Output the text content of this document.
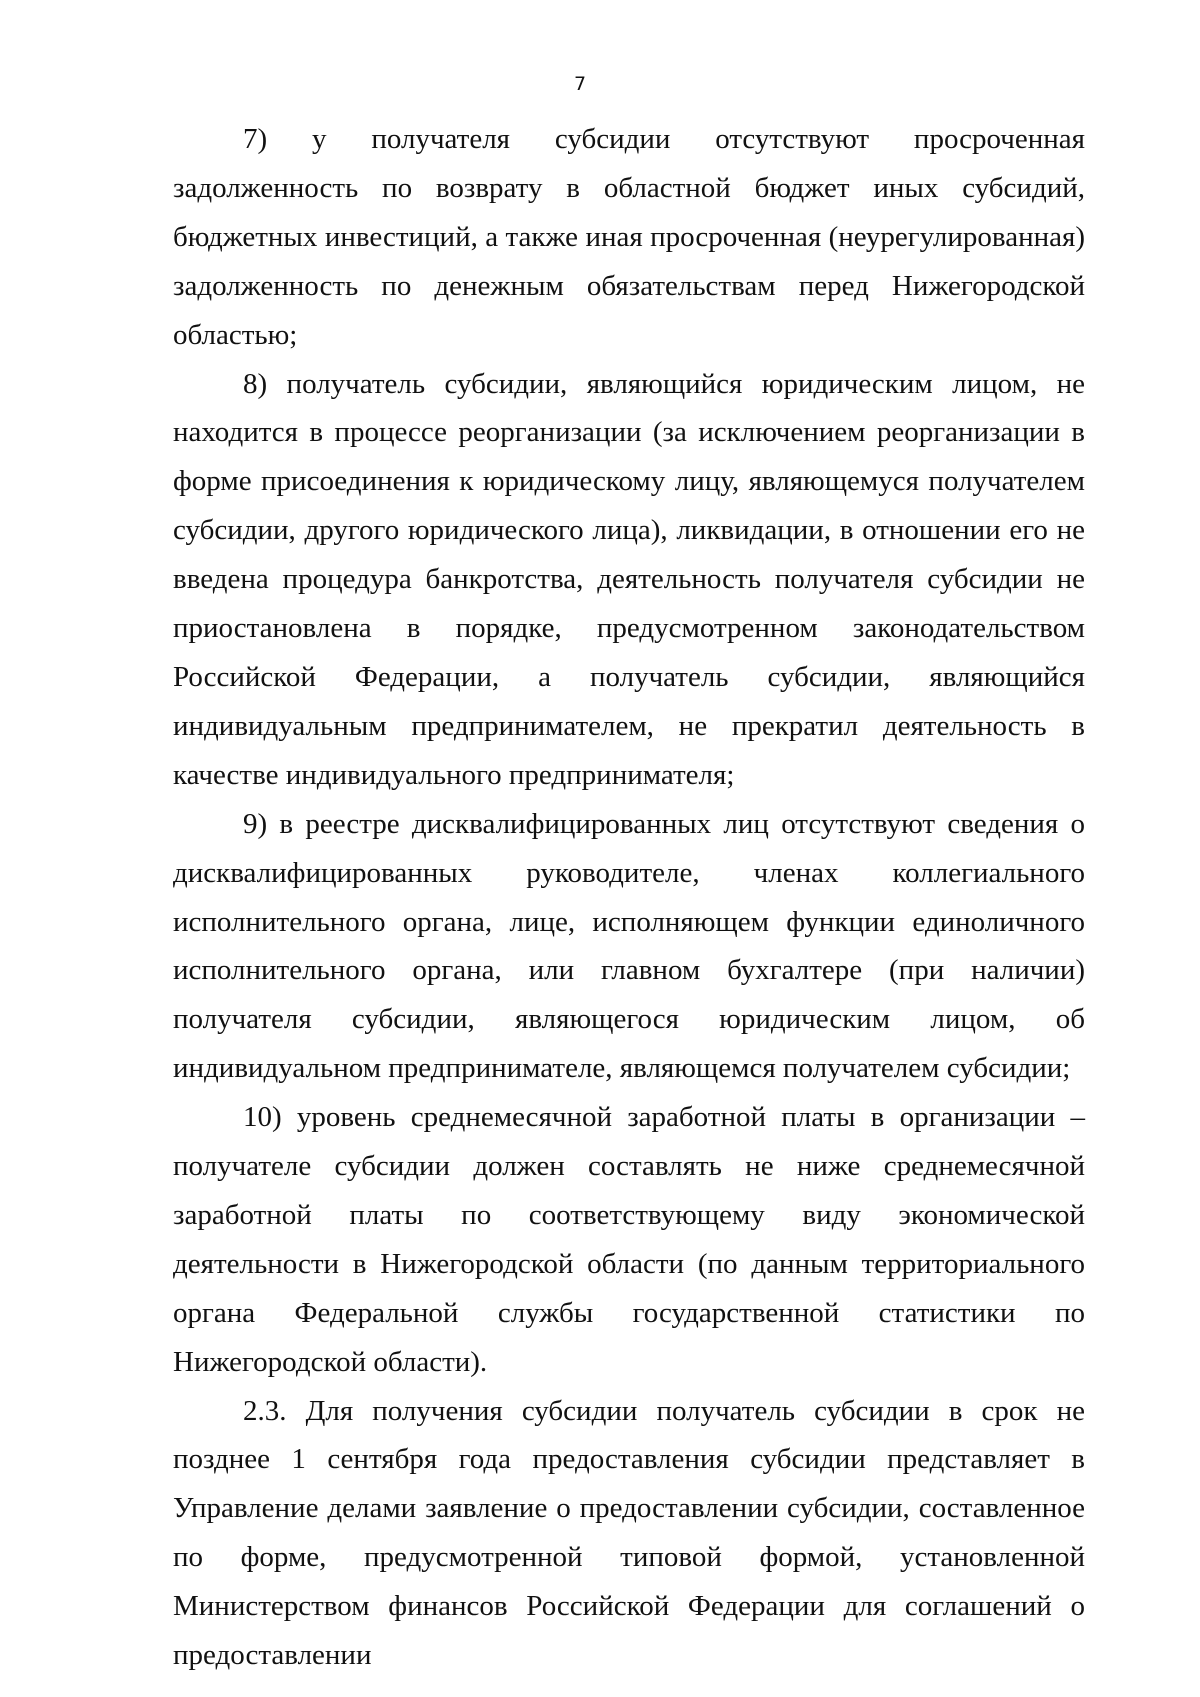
7

7) у получателя субсидии отсутствуют просроченная задолженность по возврату в областной бюджет иных субсидий, бюджетных инвестиций, а также иная просроченная (неурегулированная) задолженность по денежным обязательствам перед Нижегородской областью;

8) получатель субсидии, являющийся юридическим лицом, не находится в процессе реорганизации (за исключением реорганизации в форме присоединения к юридическому лицу, являющемуся получателем субсидии, другого юридического лица), ликвидации, в отношении его не введена процедура банкротства, деятельность получателя субсидии не приостановлена в порядке, предусмотренном законодательством Российской Федерации, а получатель субсидии, являющийся индивидуальным предпринимателем, не прекратил деятельность в качестве индивидуального предпринимателя;

9) в реестре дисквалифицированных лиц отсутствуют сведения о дисквалифицированных руководителе, членах коллегиального исполнительного органа, лице, исполняющем функции единоличного исполнительного органа, или главном бухгалтере (при наличии) получателя субсидии, являющегося юридическим лицом, об индивидуальном предпринимателе, являющемся получателем субсидии;

10) уровень среднемесячной заработной платы в организации – получателе субсидии должен составлять не ниже среднемесячной заработной платы по соответствующему виду экономической деятельности в Нижегородской области (по данным территориального органа Федеральной службы государственной статистики по Нижегородской области).

2.3. Для получения субсидии получатель субсидии в срок не позднее 1 сентября года предоставления субсидии представляет в Управление делами заявление о предоставлении субсидии, составленное по форме, предусмотренной типовой формой, установленной Министерством финансов Российской Федерации для соглашений о предоставлении
